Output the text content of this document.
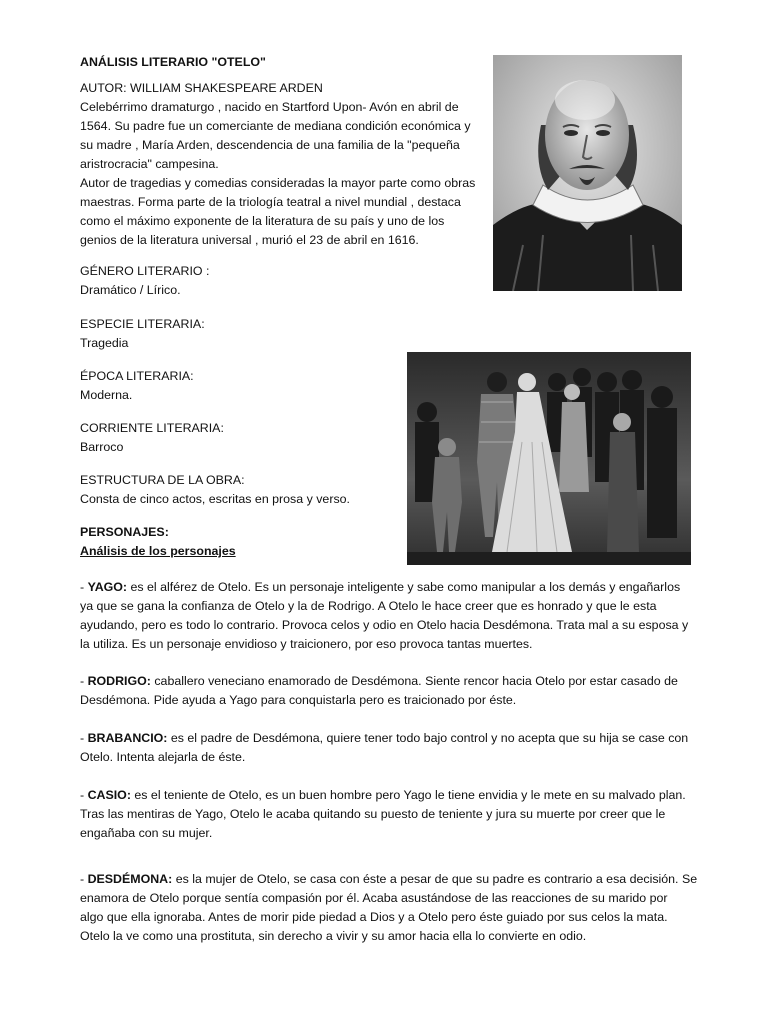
ANÁLISIS LITERARIO "OTELO"
AUTOR: WILLIAM SHAKESPEARE ARDEN
Celebérrimo dramaturgo , nacido en Startford Upon- Avón en abril de
1564. Su padre fue un comerciante de mediana condición económica y
su madre , María Arden, descendencia de una familia de la "pequeña
aristrocracia" campesina.
Autor de tragedias y comedias consideradas la mayor parte como obras
maestras. Forma parte de la triología teatral a nivel mundial , destaca
como el máximo exponente de la literatura de su país y uno de los
genios de la literatura universal , murió el 23 de abril en 1616.
GÉNERO LITERARIO :
Dramático / Lírico.
ESPECIE LITERARIA:
Tragedia
ÉPOCA LITERARIA:
Moderna.
CORRIENTE LITERARIA:
Barroco
ESTRUCTURA DE LA OBRA:
Consta de cinco actos, escritas en prosa y verso.
PERSONAJES:
Análisis de los personajes
- YAGO: es el alférez de Otelo. Es un personaje inteligente y sabe como manipular a los demás y engañarlos
ya que se gana la confianza de Otelo y la de Rodrigo. A Otelo le hace creer que es honrado y que le esta
ayudando, pero es todo lo contrario. Provoca celos y odio en Otelo hacia Desdémona. Trata mal a su esposa y
la utiliza. Es un personaje envidioso y traicionero, por eso provoca tantas muertes.
- RODRIGO: caballero veneciano enamorado de Desdémona. Siente rencor hacia Otelo por estar casado de
Desdémona. Pide ayuda a Yago para conquistarla pero es traicionado por éste.
- BRABANCIO: es el padre de Desdémona, quiere tener todo bajo control y no acepta que su hija se case con
Otelo. Intenta alejarla de éste.
- CASIO: es el teniente de Otelo, es un buen hombre pero Yago le tiene envidia y le mete en su malvado plan.
Tras las mentiras de Yago, Otelo le acaba quitando su puesto de teniente y jura su muerte por creer que le
engañaba con su mujer.
- DESDÉMONA: es la mujer de Otelo, se casa con éste a pesar de que su padre es contrario a esa decisión. Se
enamora de Otelo porque sentía compasión por él. Acaba asustándose de las reacciones de su marido por
algo que ella ignoraba. Antes de morir pide piedad a Dios y a Otelo pero éste guiado por sus celos la mata.
Otelo la ve como una prostituta, sin derecho a vivir y su amor hacia ella lo convierte en odio.
